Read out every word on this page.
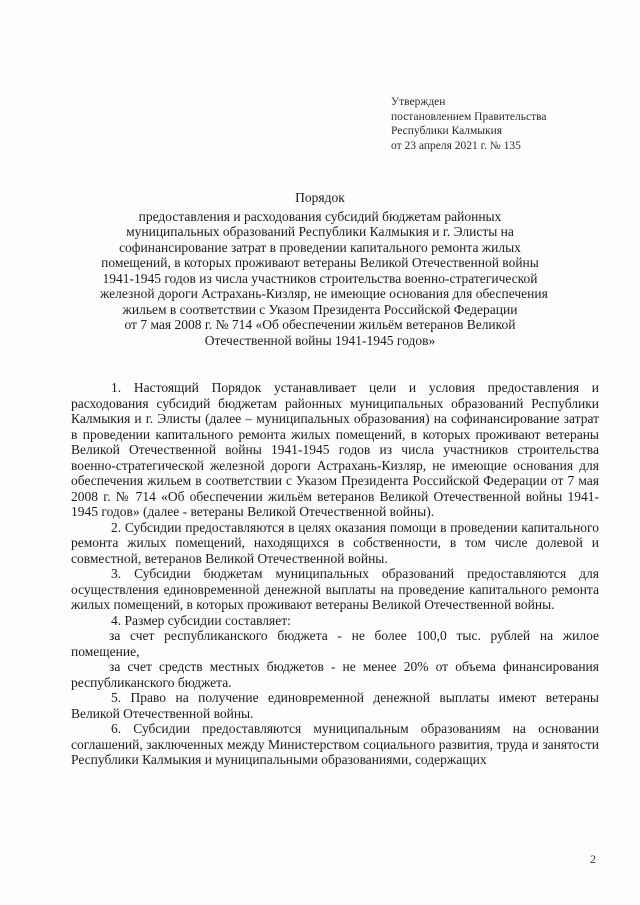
Утвержден
постановлением Правительства
Республики Калмыкия
от 23 апреля 2021 г. № 135
Порядок
предоставления и расходования субсидий бюджетам районных
муниципальных образований Республики Калмыкия и г. Элисты на
софинансирование затрат в проведении капитального ремонта жилых
помещений, в которых проживают ветераны Великой Отечественной войны
1941-1945 годов из числа участников строительства военно-стратегической
железной дороги Астрахань-Кизляр, не имеющие основания для обеспечения
жильем в соответствии с Указом Президента Российской Федерации
от 7 мая 2008 г. № 714 «Об обеспечении жильём ветеранов Великой
Отечественной войны 1941-1945 годов»

1. Настоящий Порядок устанавливает цели и условия предоставления и расходования субсидий бюджетам районных муниципальных образований Республики Калмыкия и г. Элисты (далее – муниципальных образования) на софинансирование затрат в проведении капитального ремонта жилых помещений, в которых проживают ветераны Великой Отечественной войны 1941-1945 годов из числа участников строительства военно-стратегической железной дороги Астрахань-Кизляр, не имеющие основания для обеспечения жильем в соответствии с Указом Президента Российской Федерации от 7 мая 2008 г. № 714 «Об обеспечении жильём ветеранов Великой Отечественной войны 1941-1945 годов» (далее - ветераны Великой Отечественной войны).

2. Субсидии предоставляются в целях оказания помощи в проведении капитального ремонта жилых помещений, находящихся в собственности, в том числе долевой и совместной, ветеранов Великой Отечественной войны.

3. Субсидии бюджетам муниципальных образований предоставляются для осуществления единовременной денежной выплаты на проведение капитального ремонта жилых помещений, в которых проживают ветераны Великой Отечественной войны.

4. Размер субсидии составляет:

за счет республиканского бюджета - не более 100,0 тыс. рублей на жилое помещение,

за счет средств местных бюджетов - не менее 20% от объема финансирования республиканского бюджета.

5. Право на получение единовременной денежной выплаты имеют ветераны Великой Отечественной войны.

6. Субсидии предоставляются муниципальным образованиям на основании соглашений, заключенных между Министерством социального развития, труда и занятости Республики Калмыкия и муниципальными образованиями, содержащих

2
